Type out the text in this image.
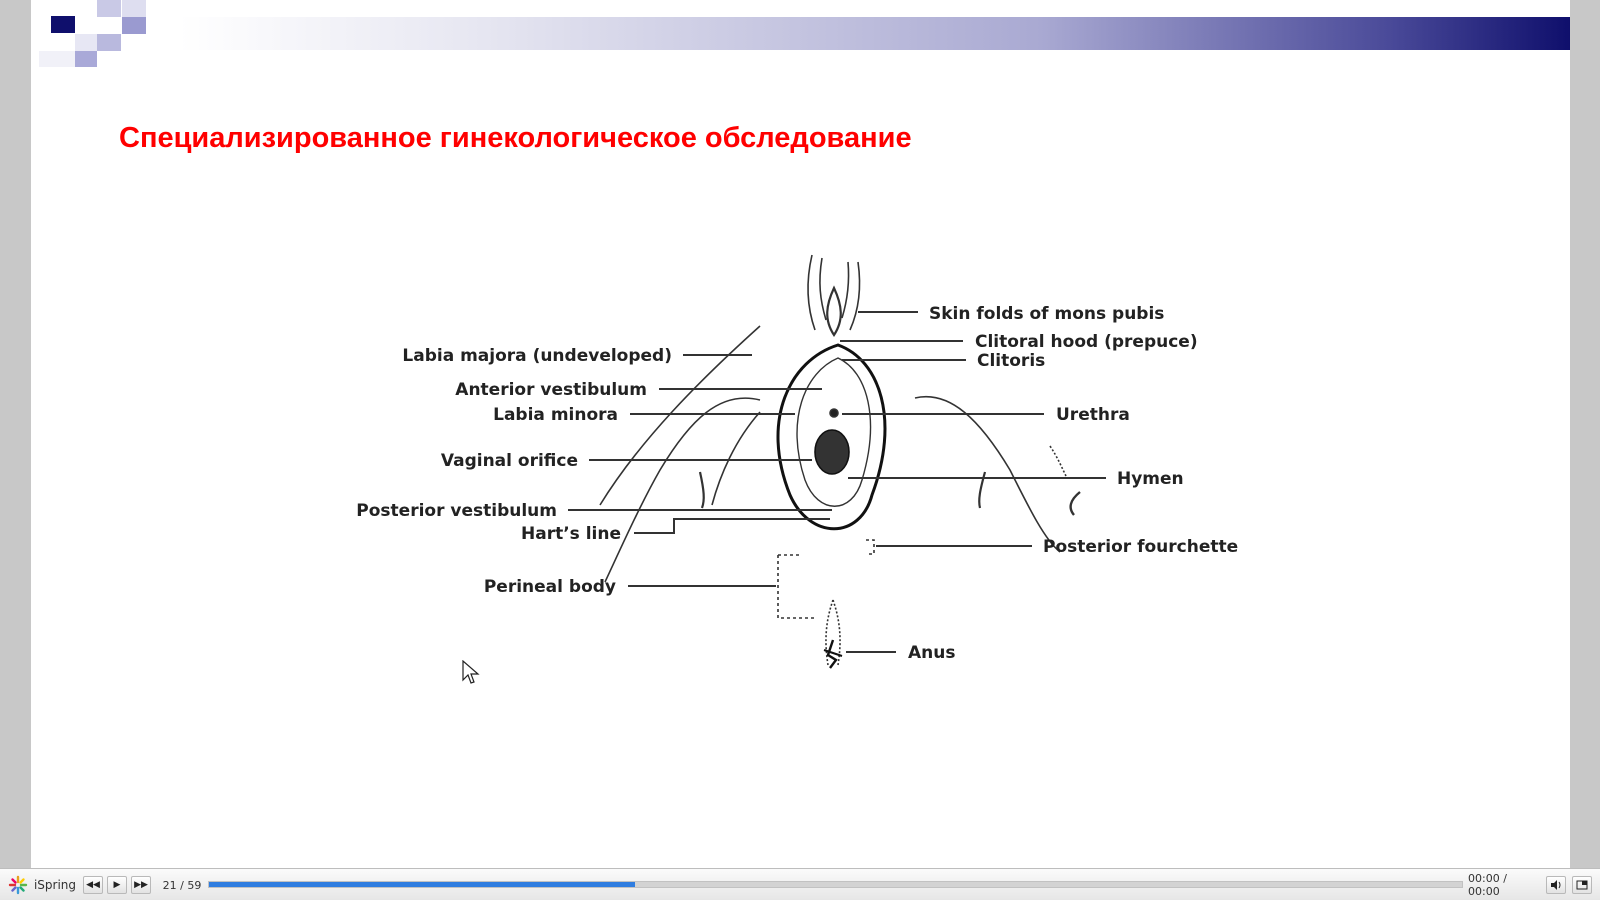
Специализированное гинекологическое обследование
Labia majora (undeveloped)
Anterior vestibulum
Labia minora
Vaginal orifice
Posterior vestibulum
Hart’s line
Perineal body
Skin folds of mons pubis
Clitoral hood (prepuce)
Clitoris
Urethra
Hymen
Posterior fourchette
Anus
iSpring ◀◀ ▶ ▶▶ 21 / 59	00:00 / 00:00
